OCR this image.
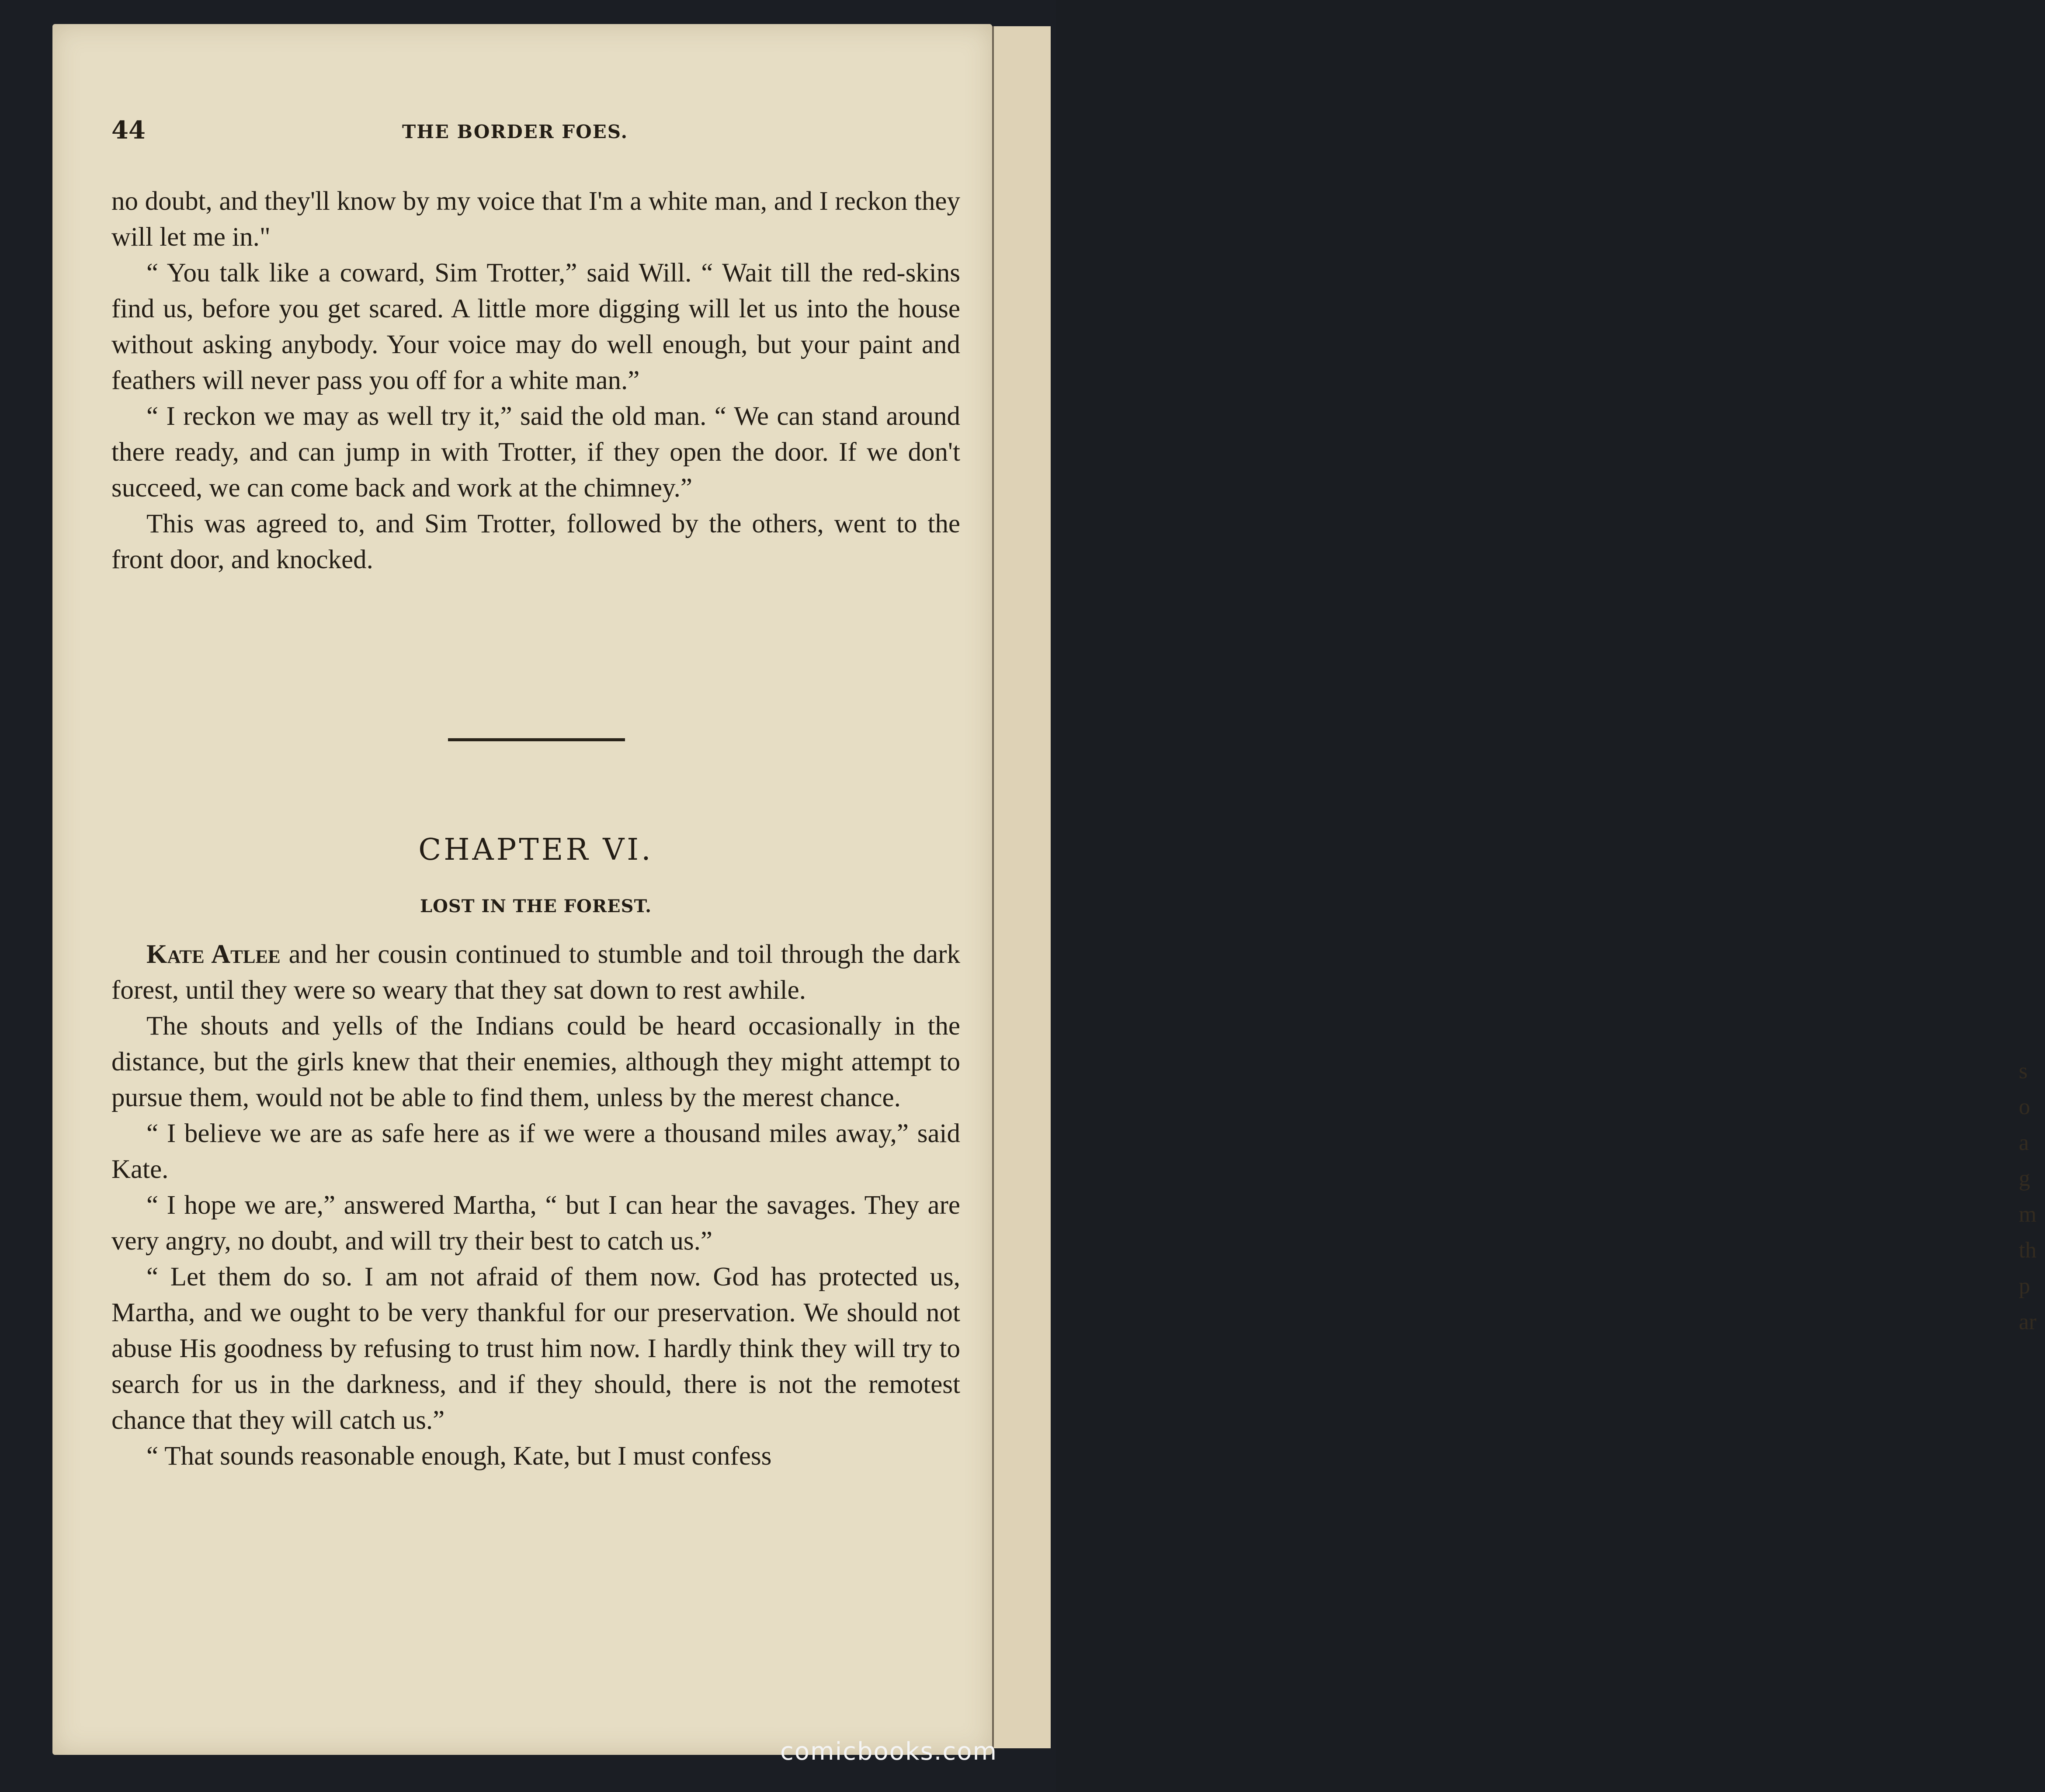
s
o
a
g
m
th
p
ar
44	THE BORDER FOES.

no doubt, and they'll know by my voice that I'm a white man, and I reckon they will let me in."

“ You talk like a coward, Sim Trotter,” said Will. “ Wait till the red-skins find us, before you get scared. A little more digging will let us into the house without asking anybody. Your voice may do well enough, but your paint and feathers will never pass you off for a white man.”

“ I reckon we may as well try it,” said the old man. “ We can stand around there ready, and can jump in with Trotter, if they open the door. If we don't succeed, we can come back and work at the chimney.”

This was agreed to, and Sim Trotter, followed by the others, went to the front door, and knocked.

CHAPTER VI.
LOST IN THE FOREST.

Kate Atlee and her cousin continued to stumble and toil through the dark forest, until they were so weary that they sat down to rest awhile.

The shouts and yells of the Indians could be heard occasionally in the distance, but the girls knew that their enemies, although they might attempt to pursue them, would not be able to find them, unless by the merest chance.

“ I believe we are as safe here as if we were a thousand miles away,” said Kate.

“ I hope we are,” answered Martha, “ but I can hear the savages. They are very angry, no doubt, and will try their best to catch us.”

“ Let them do so. I am not afraid of them now. God has protected us, Martha, and we ought to be very thankful for our preservation. We should not abuse His goodness by refusing to trust him now. I hardly think they will try to search for us in the darkness, and if they should, there is not the remotest chance that they will catch us.”

“ That sounds reasonable enough, Kate, but I must confess

comicbooks.com
